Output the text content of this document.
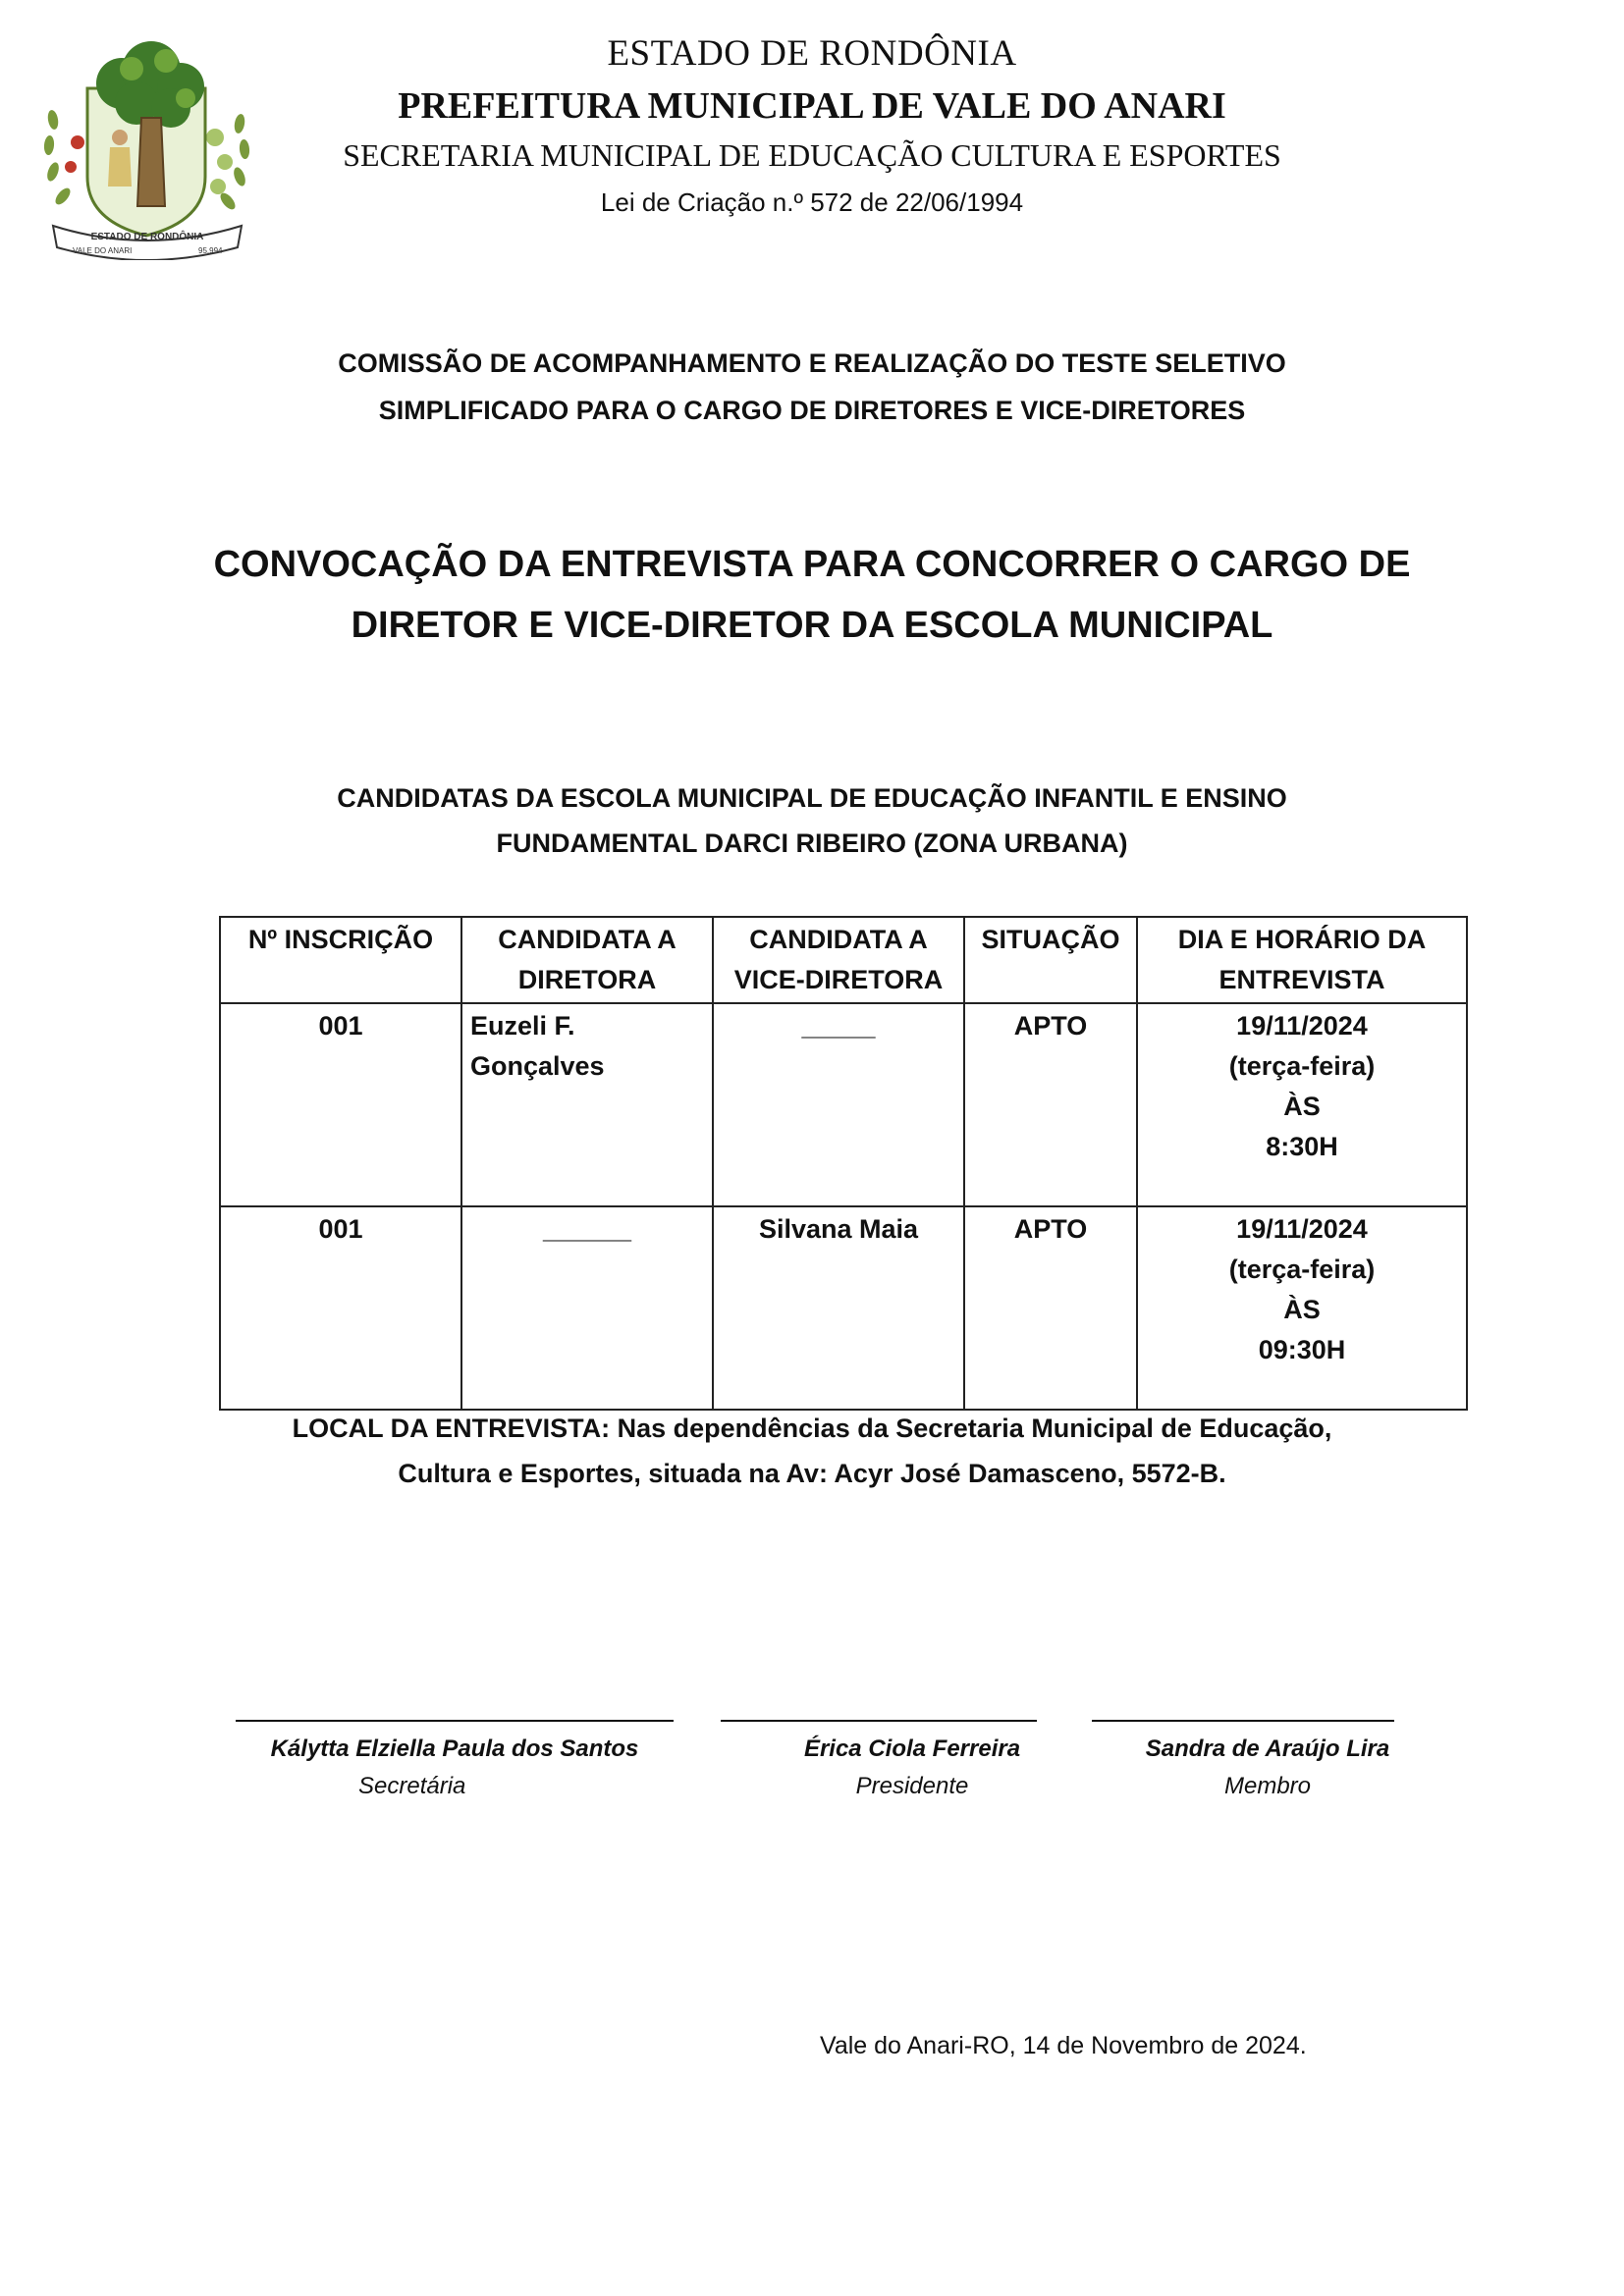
ESTADO DE RONDÔNIA
VALE DO ANARI	95.994
ESTADO DE RONDÔNIA
PREFEITURA MUNICIPAL DE VALE DO ANARI
SECRETARIA MUNICIPAL DE EDUCAÇÃO CULTURA E ESPORTES
Lei de Criação n.º 572 de 22/06/1994
COMISSÃO DE ACOMPANHAMENTO E REALIZAÇÃO DO TESTE SELETIVO
SIMPLIFICADO PARA O CARGO DE DIRETORES E VICE-DIRETORES
CONVOCAÇÃO DA ENTREVISTA PARA CONCORRER O CARGO DE
DIRETOR E VICE-DIRETOR DA ESCOLA MUNICIPAL
CANDIDATAS DA ESCOLA MUNICIPAL DE EDUCAÇÃO INFANTIL E ENSINO
FUNDAMENTAL DARCI RIBEIRO (ZONA URBANA)
Nº INSCRIÇÃO	CANDIDATA A DIRETORA	CANDIDATA A VICE-DIRETORA	SITUAÇÃO	DIA E HORÁRIO DA ENTREVISTA
001	Euzeli F. Gonçalves	_____	APTO	19/11/2024
(terça-feira)
ÀS
8:30H

001	______	Silvana Maia	APTO	19/11/2024
(terça-feira)
ÀS
09:30H
LOCAL DA ENTREVISTA: Nas dependências da Secretaria Municipal de Educação,
Cultura e Esportes, situada na Av: Acyr José Damasceno, 5572-B.
Kálytta Elziella Paula dos Santos
Secretária
Érica Ciola Ferreira
Presidente
Sandra de Araújo Lira
Membro
Vale do Anari-RO, 14 de Novembro de 2024.
